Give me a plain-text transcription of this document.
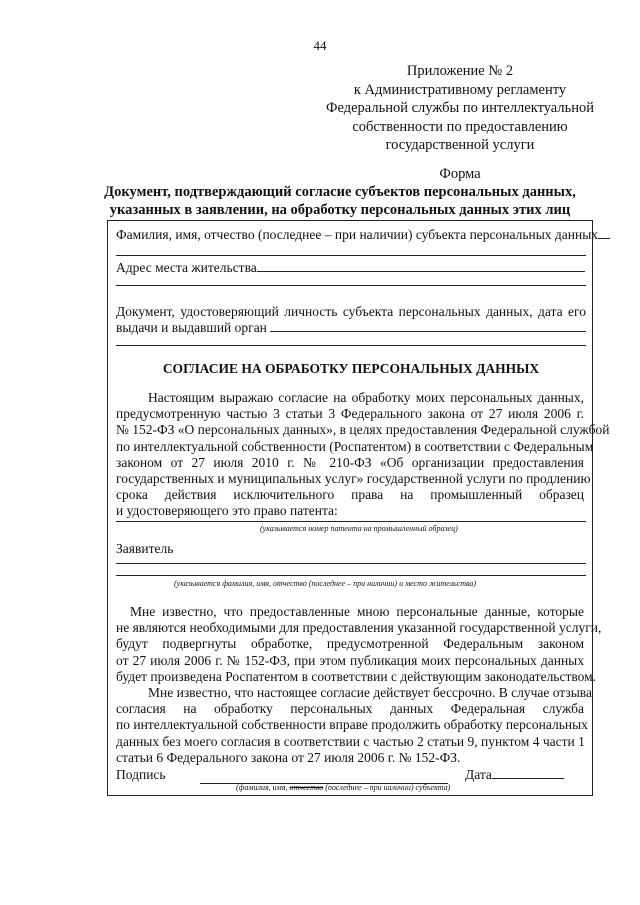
44
Приложение № 2
к Административному регламенту
Федеральной службы по интеллектуальной
собственности по предоставлению
государственной услуги
Форма
Документ, подтверждающий согласие субъектов персональных данных,
указанных в заявлении, на обработку персональных данных этих лиц
Фамилия, имя, отчество (последнее – при наличии) субъекта персональных данных
Адрес места жительства
Документ, удостоверяющий личность субъекта персональных данных, дата его
выдачи и выдавший орган
СОГЛАСИЕ НА ОБРАБОТКУ ПЕРСОНАЛЬНЫХ ДАННЫХ
Настоящим выражаю согласие на обработку моих персональных данных,
предусмотренную частью 3 статьи 3 Федерального закона от 27 июля 2006 г.
№ 152-ФЗ «О персональных данных», в целях предоставления Федеральной службой
по интеллектуальной собственности (Роспатентом) в соответствии с Федеральным
законом от 27 июля 2010 г. № 210-ФЗ «Об организации предоставления
государственных и муниципальных услуг» государственной услуги по продлению
срока действия исключительного права на промышленный образец
и удостоверяющего это право патента:
(указывается номер патента на промышленный образец)
Заявитель
(указывается фамилия, имя, отчество (последнее – при наличии) и место жительства)
Мне известно, что предоставленные мною персональные данные, которые
не являются необходимыми для предоставления указанной государственной услуги,
будут подвергнуты обработке, предусмотренной Федеральным законом
от 27 июля 2006 г. № 152-ФЗ, при этом публикация моих персональных данных
будет произведена Роспатентом в соответствии с действующим законодательством.
Мне известно, что настоящее согласие действует бессрочно. В случае отзыва
согласия на обработку персональных данных Федеральная служба
по интеллектуальной собственности вправе продолжить обработку персональных
данных без моего согласия в соответствии с частью 2 статьи 9, пунктом 4 части 1
статьи 6 Федерального закона от 27 июля 2006 г. № 152-ФЗ.
Подпись	Дата
(фамилия, имя, отчество (последнее – при наличии) субъекта)
